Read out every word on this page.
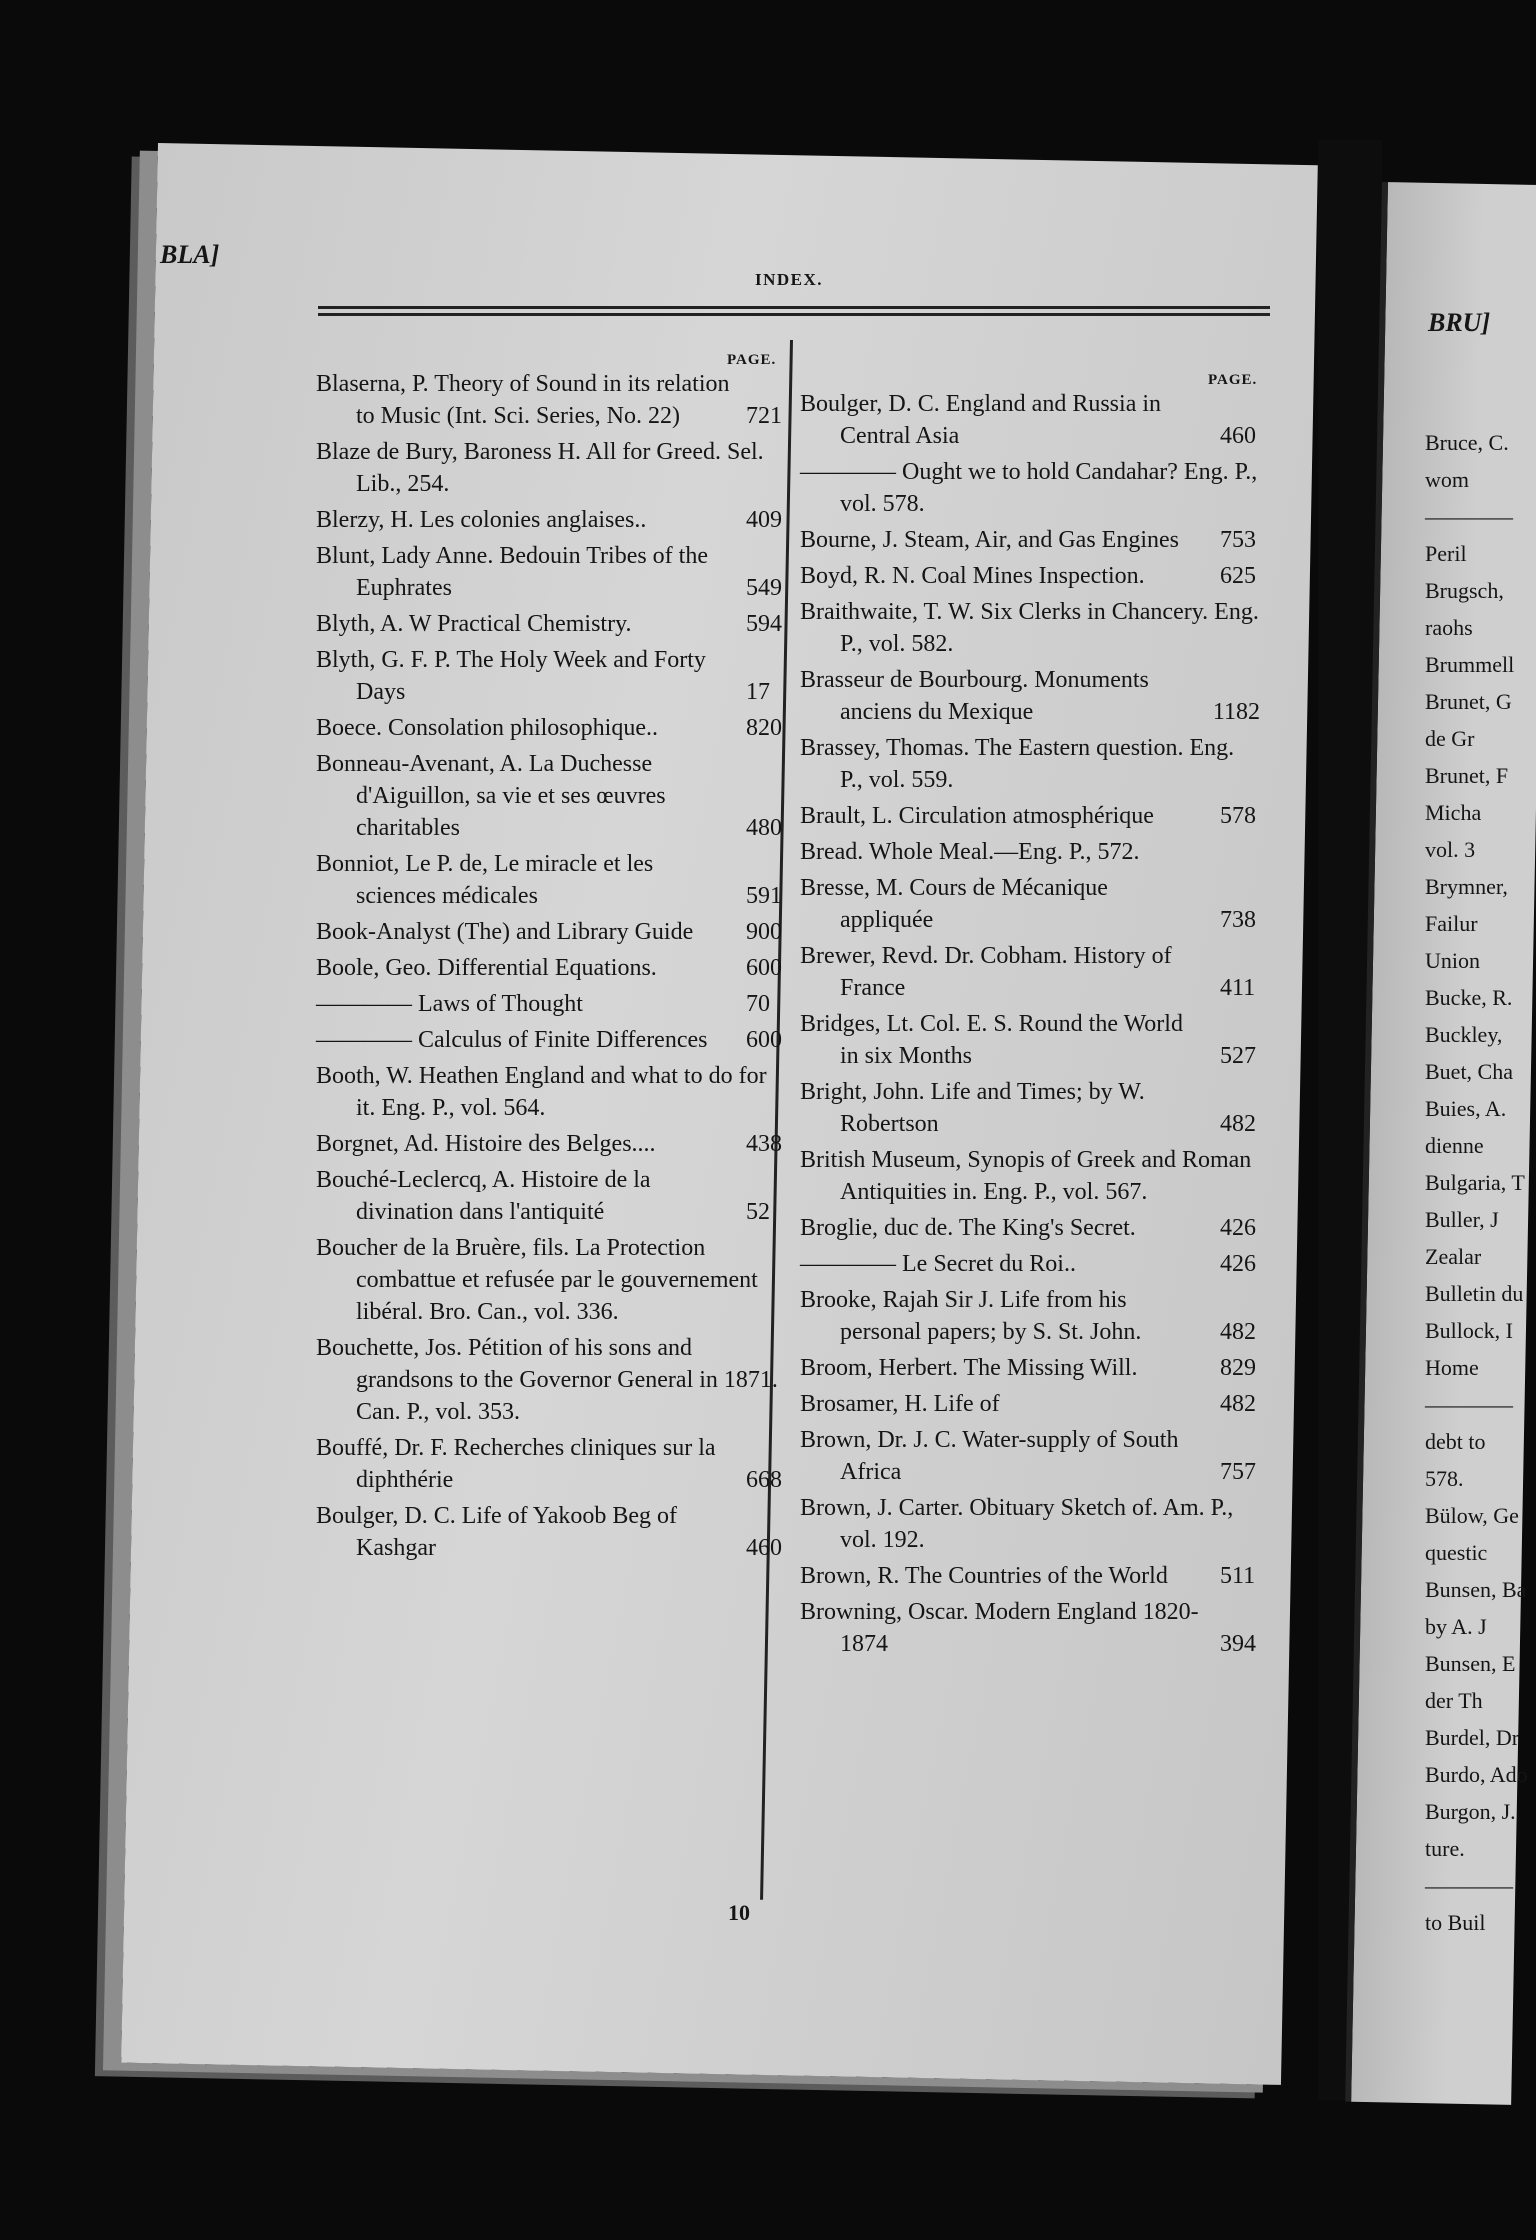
BLA]
INDEX.
PAGE.
PAGE.
Blaserna, P. Theory of Sound in its relation to Music (Int. Sci. Series, No. 22)	721
Blaze de Bury, Baroness H. All for Greed. Sel. Lib., 254.
Blerzy, H. Les colonies anglaises..	409
Blunt, Lady Anne. Bedouin Tribes of the Euphrates	549
Blyth, A. W Practical Chemistry.	594
Blyth, G. F. P. The Holy Week and Forty Days	17
Boece. Consolation philosophique..	820
Bonneau-Avenant, A. La Duchesse d'Aiguillon, sa vie et ses œuvres charitables	480
Bonniot, Le P. de, Le miracle et les sciences médicales	591
Book-Analyst (The) and Library Guide 900
Boole, Geo. Differential Equations.	600
———— Laws of Thought	70
———— Calculus of Finite Differences 600
Booth, W. Heathen England and what to do for it. Eng. P., vol. 564.
Borgnet, Ad. Histoire des Belges....	438
Bouché-Leclercq, A. Histoire de la divination dans l'antiquité	52
Boucher de la Bruère, fils. La Protection combattue et refusée par le gouvernement libéral. Bro. Can., vol. 336.
Bouchette, Jos. Pétition of his sons and grandsons to the Governor General in 1871. Can. P., vol. 353.
Bouffé, Dr. F. Recherches cliniques sur la diphthérie	668
Boulger, D. C. Life of Yakoob Beg of Kashgar	460
Boulger, D. C. England and Russia in Central Asia	460
———— Ought we to hold Candahar? Eng. P., vol. 578.
Bourne, J. Steam, Air, and Gas Engines 753
Boyd, R. N. Coal Mines Inspection.	625
Braithwaite, T. W. Six Clerks in Chancery. Eng. P., vol. 582.
Brasseur de Bourbourg. Monuments anciens du Mexique	1182
Brassey, Thomas. The Eastern question. Eng. P., vol. 559.
Brault, L. Circulation atmosphérique	578
Bread. Whole Meal.—Eng. P., 572.
Bresse, M. Cours de Mécanique appliquée	738
Brewer, Revd. Dr. Cobham. History of France	411
Bridges, Lt. Col. E. S. Round the World in six Months	527
Bright, John. Life and Times; by W. Robertson	482
British Museum, Synopis of Greek and Roman Antiquities in. Eng. P., vol. 567.
Broglie, duc de. The King's Secret.	426
———— Le Secret du Roi..	426
Brooke, Rajah Sir J. Life from his personal papers; by S. St. John.	482
Broom, Herbert. The Missing Will.	829
Brosamer, H. Life of	482
Brown, Dr. J. C. Water-supply of South Africa	757
Brown, J. Carter. Obituary Sketch of. Am. P., vol. 192.
Brown, R. The Countries of the World 511
Browning, Oscar. Modern England 1820-1874	394
10
BRU]
Bruce, C.
wom
————
Peril
Brugsch,
raohs
Brummell
Brunet, G
de Gr
Brunet, F
Micha
vol. 3
Brymner,
Failur
Union
Bucke, R.
Buckley,
Buet, Cha
Buies, A.
dienne
Bulgaria, T
Buller, J
Zealar
Bulletin du
Bullock, I
Home
————
debt to
578.
Bülow, Ge
questic
Bunsen, Ba
by A. J
Bunsen, E
der Th
Burdel, Dr
Burdo, Ado
Burgon, J.
ture.
————
to Buil
